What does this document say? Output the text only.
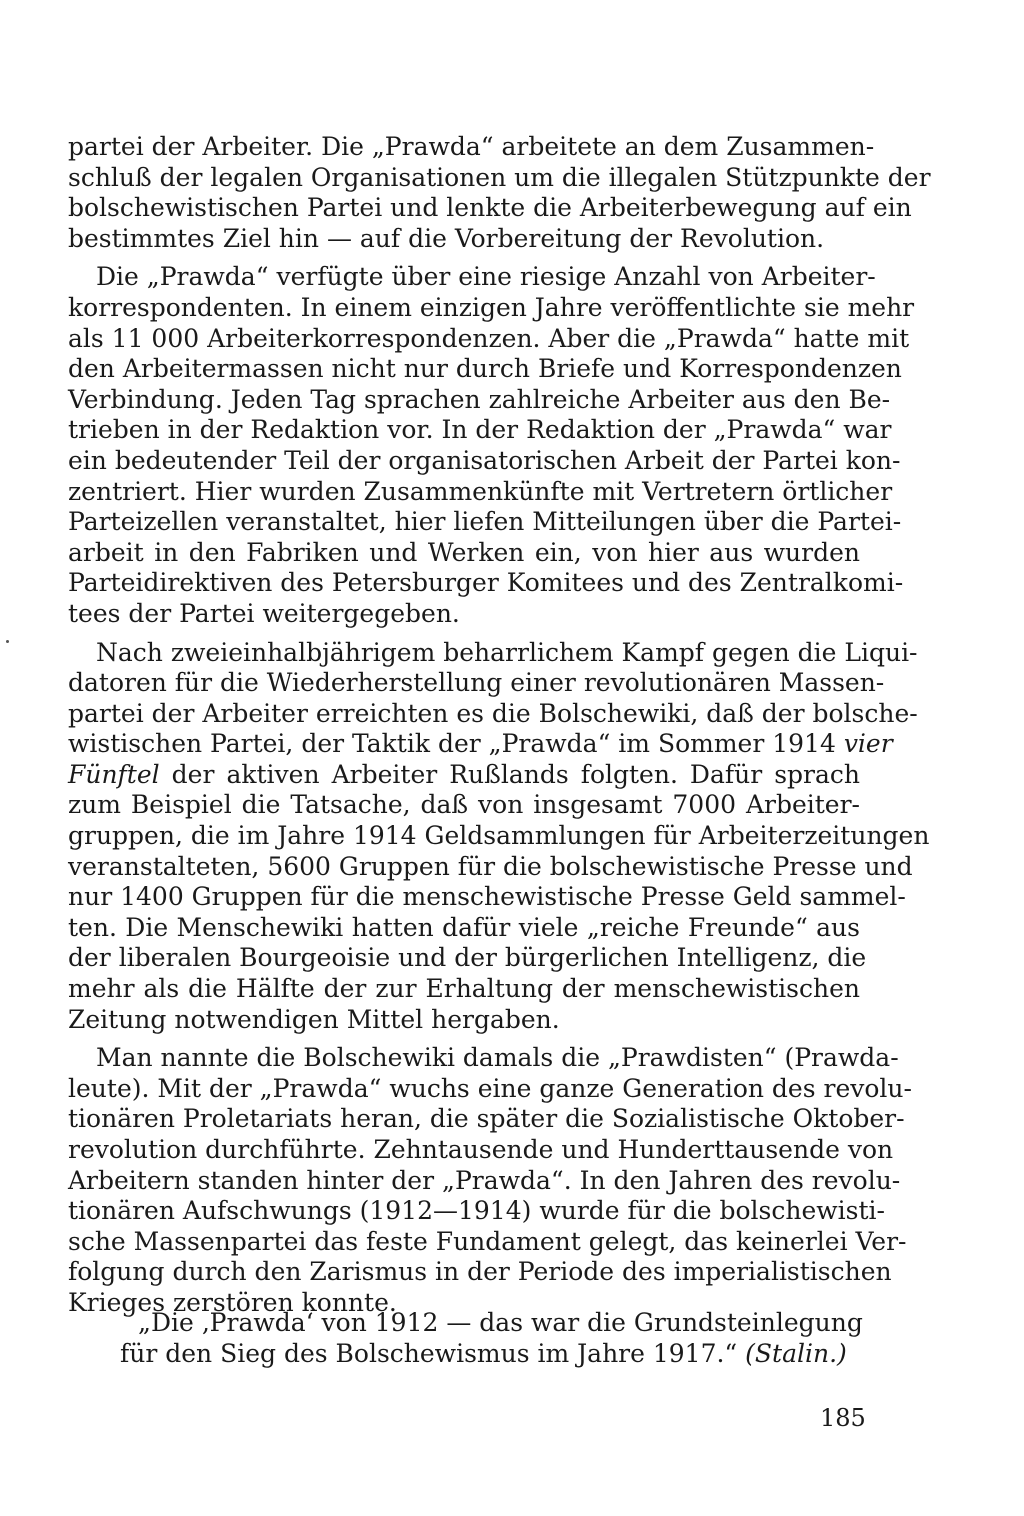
partei der Arbeiter. Die „Prawda“ arbeitete an dem Zusammen-
schluß der legalen Organisationen um die illegalen Stützpunkte der
bolschewistischen Partei und lenkte die Arbeiterbewegung auf ein
bestimmtes Ziel hin — auf die Vorbereitung der Revolution.
Die „Prawda“ verfügte über eine riesige Anzahl von Arbeiter-
korrespondenten. In einem einzigen Jahre veröffentlichte sie mehr
als 11 000 Arbeiterkorrespondenzen. Aber die „Prawda“ hatte mit
den Arbeitermassen nicht nur durch Briefe und Korrespondenzen
Verbindung. Jeden Tag sprachen zahlreiche Arbeiter aus den Be-
trieben in der Redaktion vor. In der Redaktion der „Prawda“ war
ein bedeutender Teil der organisatorischen Arbeit der Partei kon-
zentriert. Hier wurden Zusammenkünfte mit Vertretern örtlicher
Parteizellen veranstaltet, hier liefen Mitteilungen über die Partei-
arbeit in den Fabriken und Werken ein, von hier aus wurden
Parteidirektiven des Petersburger Komitees und des Zentralkomi-
tees der Partei weitergegeben.
Nach zweieinhalbjährigem beharrlichem Kampf gegen die Liqui-
datoren für die Wiederherstellung einer revolutionären Massen-
partei der Arbeiter erreichten es die Bolschewiki, daß der bolsche-
wistischen Partei, der Taktik der „Prawda“ im Sommer 1914 vier
Fünftel der aktiven Arbeiter Rußlands folgten. Dafür sprach
zum Beispiel die Tatsache, daß von insgesamt 7000 Arbeiter-
gruppen, die im Jahre 1914 Geldsammlungen für Arbeiterzeitungen
veranstalteten, 5600 Gruppen für die bolschewistische Presse und
nur 1400 Gruppen für die menschewistische Presse Geld sammel-
ten. Die Menschewiki hatten dafür viele „reiche Freunde“ aus
der liberalen Bourgeoisie und der bürgerlichen Intelligenz, die
mehr als die Hälfte der zur Erhaltung der menschewistischen
Zeitung notwendigen Mittel hergaben.
Man nannte die Bolschewiki damals die „Prawdisten“ (Prawda-
leute). Mit der „Prawda“ wuchs eine ganze Generation des revolu-
tionären Proletariats heran, die später die Sozialistische Oktober-
revolution durchführte. Zehntausende und Hunderttausende von
Arbeitern standen hinter der „Prawda“. In den Jahren des revolu-
tionären Aufschwungs (1912—1914) wurde für die bolschewisti-
sche Massenpartei das feste Fundament gelegt, das keinerlei Ver-
folgung durch den Zarismus in der Periode des imperialistischen
Krieges zerstören konnte.
„Die ‚Prawda‘ von 1912 — das war die Grundsteinlegung
für den Sieg des Bolschewismus im Jahre 1917.“ (Stalin.)
185
